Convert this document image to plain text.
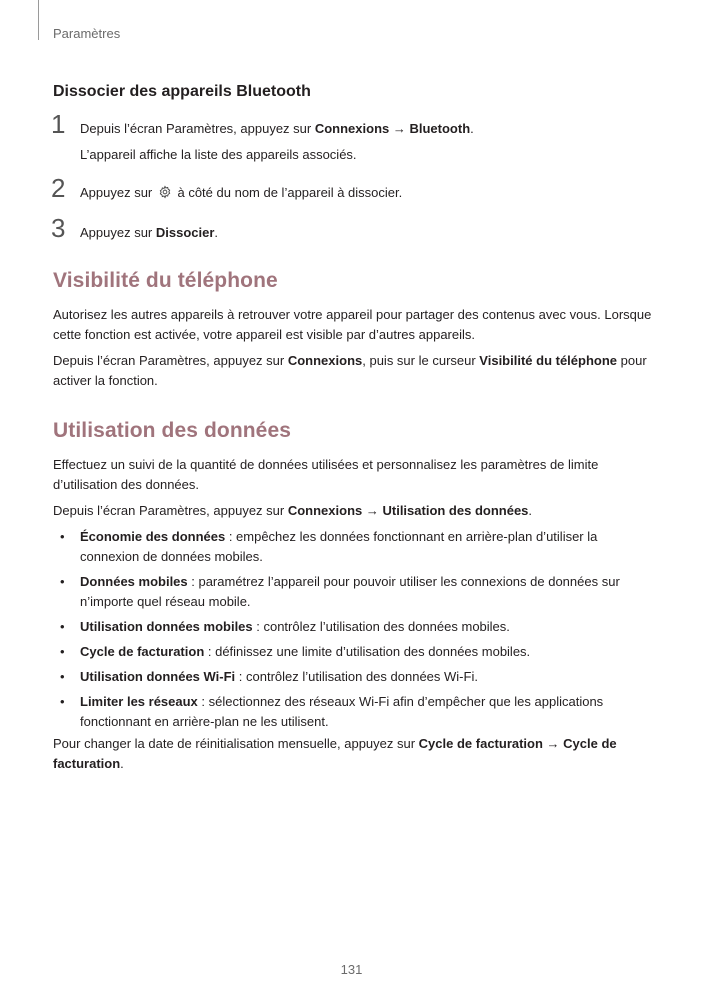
Paramètres
Dissocier des appareils Bluetooth
1 Depuis l’écran Paramètres, appuyez sur Connexions → Bluetooth.
L’appareil affiche la liste des appareils associés.
2 Appuyez sur  à côté du nom de l’appareil à dissocier.
3 Appuyez sur Dissocier.
Visibilité du téléphone

Autorisez les autres appareils à retrouver votre appareil pour partager des contenus avec vous. Lorsque cette fonction est activée, votre appareil est visible par d’autres appareils.

Depuis l’écran Paramètres, appuyez sur Connexions, puis sur le curseur Visibilité du téléphone pour activer la fonction.

Utilisation des données

Effectuez un suivi de la quantité de données utilisées et personnalisez les paramètres de limite d’utilisation des données.

Depuis l’écran Paramètres, appuyez sur Connexions → Utilisation des données.

• Économie des données : empêchez les données fonctionnant en arrière-plan d’utiliser la connexion de données mobiles.
• Données mobiles : paramétrez l’appareil pour pouvoir utiliser les connexions de données sur n’importe quel réseau mobile.
• Utilisation données mobiles : contrôlez l’utilisation des données mobiles.
• Cycle de facturation : définissez une limite d’utilisation des données mobiles.
• Utilisation données Wi-Fi : contrôlez l’utilisation des données Wi-Fi.
• Limiter les réseaux : sélectionnez des réseaux Wi-Fi afin d’empêcher que les applications fonctionnant en arrière-plan ne les utilisent.

Pour changer la date de réinitialisation mensuelle, appuyez sur Cycle de facturation → Cycle de facturation.

131
